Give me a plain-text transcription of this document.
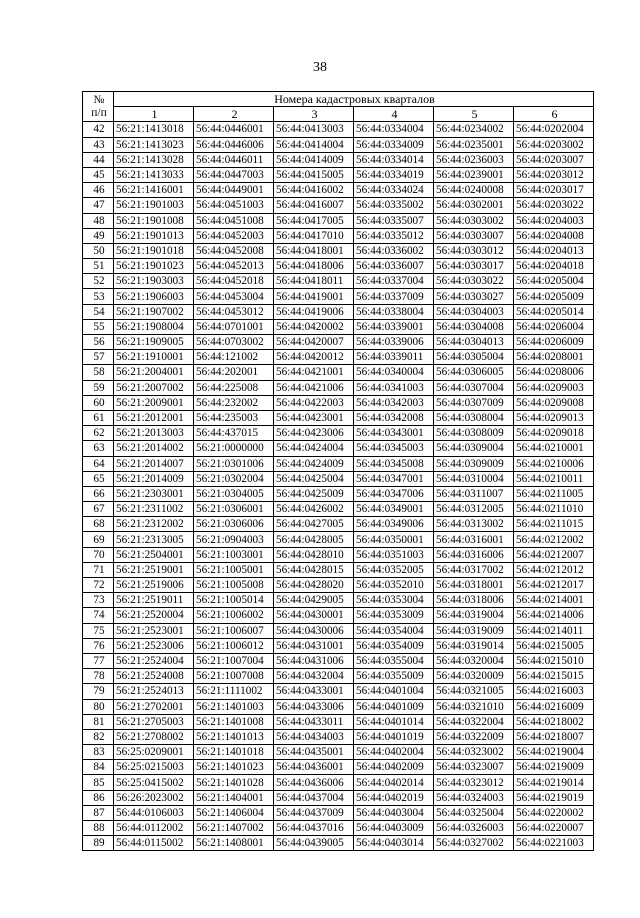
38
№
п/п	Номера кадастровых кварталов					
	1	2	3	4	5	6
42	56:21:1413018	56:44:0446001	56:44:0413003	56:44:0334004	56:44:0234002	56:44:0202004
43	56:21:1413023	56:44:0446006	56:44:0414004	56:44:0334009	56:44:0235001	56:44:0203002
44	56:21:1413028	56:44:0446011	56:44:0414009	56:44:0334014	56:44:0236003	56:44:0203007
45	56:21:1413033	56:44:0447003	56:44:0415005	56:44:0334019	56:44:0239001	56:44:0203012
46	56:21:1416001	56:44:0449001	56:44:0416002	56:44:0334024	56:44:0240008	56:44:0203017
47	56:21:1901003	56:44:0451003	56:44:0416007	56:44:0335002	56:44:0302001	56:44:0203022
48	56:21:1901008	56:44:0451008	56:44:0417005	56:44:0335007	56:44:0303002	56:44:0204003
49	56:21:1901013	56:44:0452003	56:44:0417010	56:44:0335012	56:44:0303007	56:44:0204008
50	56:21:1901018	56:44:0452008	56:44:0418001	56:44:0336002	56:44:0303012	56:44:0204013
51	56:21:1901023	56:44:0452013	56:44:0418006	56:44:0336007	56:44:0303017	56:44:0204018
52	56:21:1903003	56:44:0452018	56:44:0418011	56:44:0337004	56:44:0303022	56:44:0205004
53	56:21:1906003	56:44:0453004	56:44:0419001	56:44:0337009	56:44:0303027	56:44:0205009
54	56:21:1907002	56:44:0453012	56:44:0419006	56:44:0338004	56:44:0304003	56:44:0205014
55	56:21:1908004	56:44:0701001	56:44:0420002	56:44:0339001	56:44:0304008	56:44:0206004
56	56:21:1909005	56:44:0703002	56:44:0420007	56:44:0339006	56:44:0304013	56:44:0206009
57	56:21:1910001	56:44:121002	56:44:0420012	56:44:0339011	56:44:0305004	56:44:0208001
58	56:21:2004001	56:44:202001	56:44:0421001	56:44:0340004	56:44:0306005	56:44:0208006
59	56:21:2007002	56:44:225008	56:44:0421006	56:44:0341003	56:44:0307004	56:44:0209003
60	56:21:2009001	56:44:232002	56:44:0422003	56:44:0342003	56:44:0307009	56:44:0209008
61	56:21:2012001	56:44:235003	56:44:0423001	56:44:0342008	56:44:0308004	56:44:0209013
62	56:21:2013003	56:44:437015	56:44:0423006	56:44:0343001	56:44:0308009	56:44:0209018
63	56:21:2014002	56:21:0000000	56:44:0424004	56:44:0345003	56:44:0309004	56:44:0210001
64	56:21:2014007	56:21:0301006	56:44:0424009	56:44:0345008	56:44:0309009	56:44:0210006
65	56:21:2014009	56:21:0302004	56:44:0425004	56:44:0347001	56:44:0310004	56:44:0210011
66	56:21:2303001	56:21:0304005	56:44:0425009	56:44:0347006	56:44:0311007	56:44:0211005
67	56:21:2311002	56:21:0306001	56:44:0426002	56:44:0349001	56:44:0312005	56:44:0211010
68	56:21:2312002	56:21:0306006	56:44:0427005	56:44:0349006	56:44:0313002	56:44:0211015
69	56:21:2313005	56:21:0904003	56:44:0428005	56:44:0350001	56:44:0316001	56:44:0212002
70	56:21:2504001	56:21:1003001	56:44:0428010	56:44:0351003	56:44:0316006	56:44:0212007
71	56:21:2519001	56:21:1005001	56:44:0428015	56:44:0352005	56:44:0317002	56:44:0212012
72	56:21:2519006	56:21:1005008	56:44:0428020	56:44:0352010	56:44:0318001	56:44:0212017
73	56:21:2519011	56:21:1005014	56:44:0429005	56:44:0353004	56:44:0318006	56:44:0214001
74	56:21:2520004	56:21:1006002	56:44:0430001	56:44:0353009	56:44:0319004	56:44:0214006
75	56:21:2523001	56:21:1006007	56:44:0430006	56:44:0354004	56:44:0319009	56:44:0214011
76	56:21:2523006	56:21:1006012	56:44:0431001	56:44:0354009	56:44:0319014	56:44:0215005
77	56:21:2524004	56:21:1007004	56:44:0431006	56:44:0355004	56:44:0320004	56:44:0215010
78	56:21:2524008	56:21:1007008	56:44:0432004	56:44:0355009	56:44:0320009	56:44:0215015
79	56:21:2524013	56:21:1111002	56:44:0433001	56:44:0401004	56:44:0321005	56:44:0216003
80	56:21:2702001	56:21:1401003	56:44:0433006	56:44:0401009	56:44:0321010	56:44:0216009
81	56:21:2705003	56:21:1401008	56:44:0433011	56:44:0401014	56:44:0322004	56:44:0218002
82	56:21:2708002	56:21:1401013	56:44:0434003	56:44:0401019	56:44:0322009	56:44:0218007
83	56:25:0209001	56:21:1401018	56:44:0435001	56:44:0402004	56:44:0323002	56:44:0219004
84	56:25:0215003	56:21:1401023	56:44:0436001	56:44:0402009	56:44:0323007	56:44:0219009
85	56:25:0415002	56:21:1401028	56:44:0436006	56:44:0402014	56:44:0323012	56:44:0219014
86	56:26:2023002	56:21:1404001	56:44:0437004	56:44:0402019	56:44:0324003	56:44:0219019
87	56:44:0106003	56:21:1406004	56:44:0437009	56:44:0403004	56:44:0325004	56:44:0220002
88	56:44:0112002	56:21:1407002	56:44:0437016	56:44:0403009	56:44:0326003	56:44:0220007
89	56:44:0115002	56:21:1408001	56:44:0439005	56:44:0403014	56:44:0327002	56:44:0221003
